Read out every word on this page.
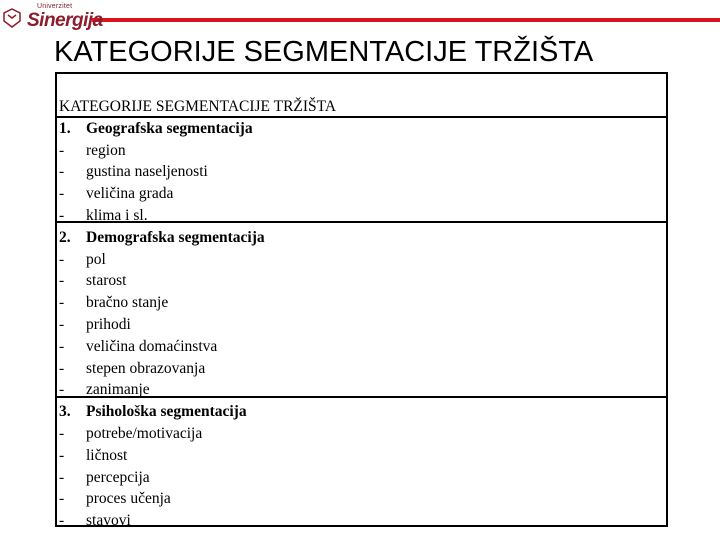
Univerzitet
Sinergija
KATEGORIJE SEGMENTACIJE TRŽIŠTA
KATEGORIJE SEGMENTACIJE TRŽIŠTA
1. Geografska segmentacija
- region
- gustina naseljenosti
- veličina grada
- klima i sl.
2. Demografska segmentacija
- pol
- starost
- bračno stanje
- prihodi
- veličina domaćinstva
- stepen obrazovanja
- zanimanje
3. Psihološka segmentacija
- potrebe/motivacija
- ličnost
- percepcija
- proces učenja
- stavovi
